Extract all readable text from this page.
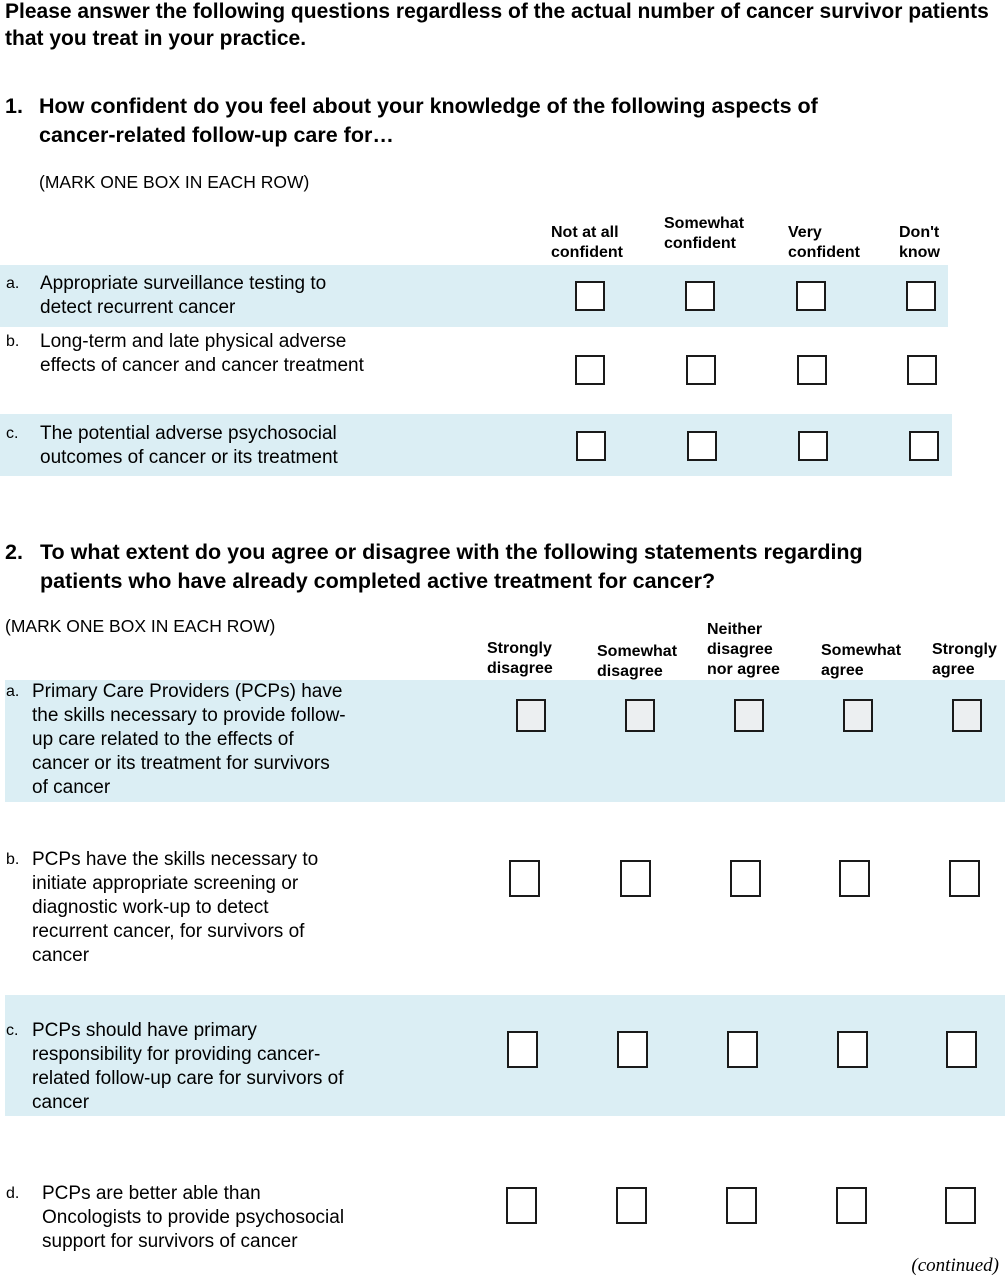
Please answer the following questions regardless of the actual number of cancer survivor patients that you treat in your practice.
1. How confident do you feel about your knowledge of the following aspects of
cancer-related follow-up care for…
(MARK ONE BOX IN EACH ROW)
Not at all
confident
Somewhat
confident
Very
confident
Don't
know
a. Appropriate surveillance testing to
detect recurrent cancer
b. Long-term and late physical adverse
effects of cancer and cancer treatment
c. The potential adverse psychosocial
outcomes of cancer or its treatment
2. To what extent do you agree or disagree with the following statements regarding
patients who have already completed active treatment for cancer?
(MARK ONE BOX IN EACH ROW)
Strongly
disagree
Somewhat
disagree
Neither
disagree
nor agree
Somewhat
agree
Strongly
agree
a. Primary Care Providers (PCPs) have
the skills necessary to provide follow-
up care related to the effects of
cancer or its treatment for survivors
of cancer
b. PCPs have the skills necessary to
initiate appropriate screening or
diagnostic work-up to detect
recurrent cancer, for survivors of
cancer
c. PCPs should have primary
responsibility for providing cancer-
related follow-up care for survivors of
cancer
d. PCPs are better able than
Oncologists to provide psychosocial
support for survivors of cancer
(continued)
